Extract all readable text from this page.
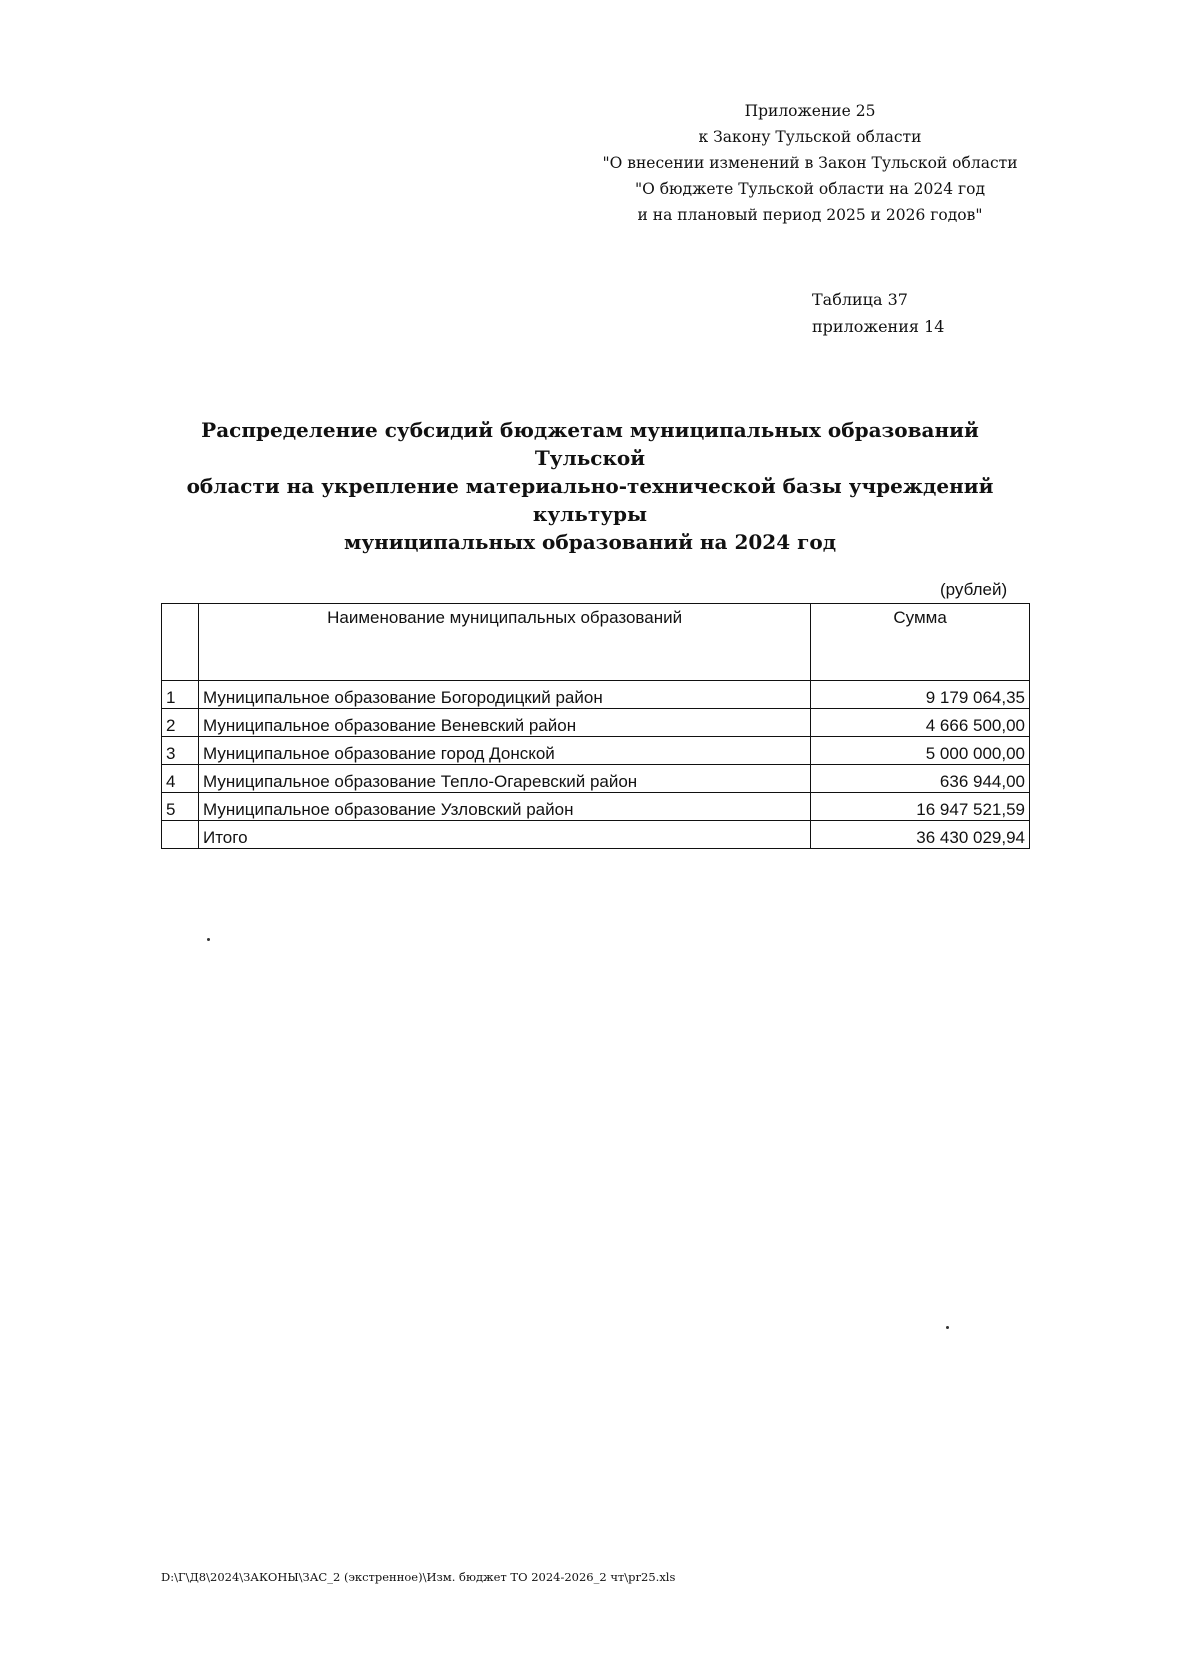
Приложение 25
к Закону Тульской области
"О внесении изменений в Закон Тульской области
"О бюджете Тульской области на 2024 год
и на плановый период 2025 и 2026 годов"
Таблица 37
приложения 14
Распределение субсидий бюджетам муниципальных образований Тульской
области на укрепление материально-технической базы учреждений культуры
муниципальных образований на 2024 год
(рублей)
	Наименование муниципальных образований	Сумма
1	Муниципальное образование Богородицкий район	9 179 064,35
2	Муниципальное образование Веневский район	4 666 500,00
3	Муниципальное образование город Донской	5 000 000,00
4	Муниципальное образование Тепло-Огаревский район	636 944,00
5	Муниципальное образование Узловский район	16 947 521,59
	Итого	36 430 029,94
D:\Г\Д8\2024\ЗАКОНЫ\ЗАС_2 (экстренное)\Изм. бюджет ТО 2024-2026_2 чт\pr25.xls
